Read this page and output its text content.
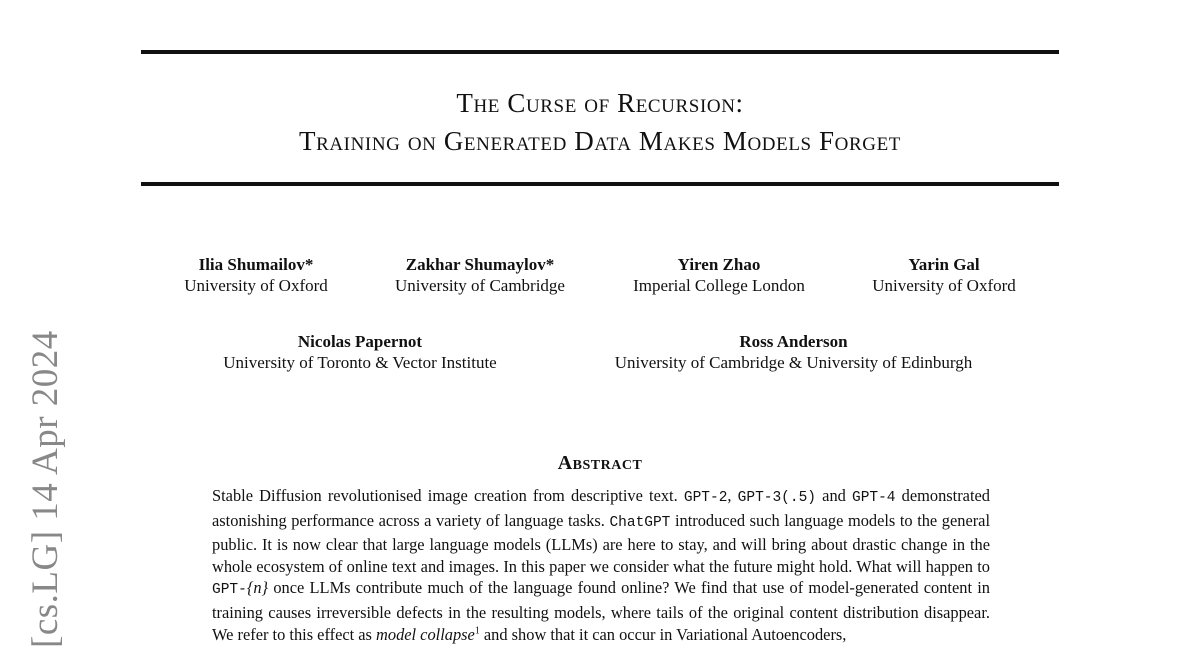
The Curse of Recursion:
Training on Generated Data Makes Models Forget
[cs.LG] 14 Apr 2024
Ilia Shumailov*
University of Oxford
Zakhar Shumaylov*
University of Cambridge
Yiren Zhao
Imperial College London
Yarin Gal
University of Oxford
Nicolas Papernot
University of Toronto & Vector Institute
Ross Anderson
University of Cambridge & University of Edinburgh
Abstract
Stable Diffusion revolutionised image creation from descriptive text. GPT-2, GPT-3(.5) and GPT-4 demonstrated astonishing performance across a variety of language tasks. ChatGPT introduced such language models to the general public. It is now clear that large language models (LLMs) are here to stay, and will bring about drastic change in the whole ecosystem of online text and images. In this paper we consider what the future might hold. What will happen to GPT-{n} once LLMs contribute much of the language found online? We find that use of model-generated content in training causes irreversible defects in the resulting models, where tails of the original content distribution disappear. We refer to this effect as model collapse$^1$ and show that it can occur in Variational Autoencoders,
